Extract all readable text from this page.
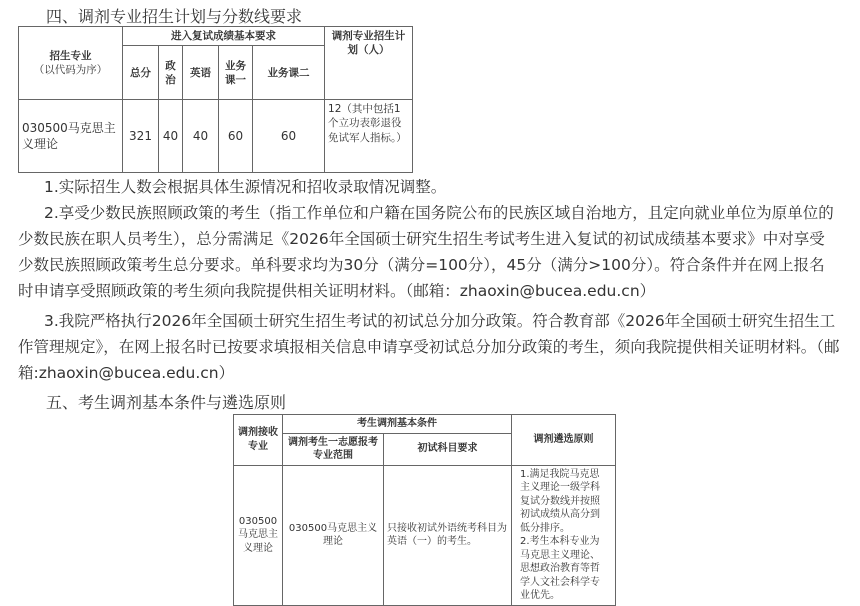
四、调剂专业招生计划与分数线要求
招生专业
（以代码为序）	进入复试成绩基本要求					调剂专业招生计划（人）
	总分	政治	英语	业务课一	业务课二	
030500马克思主义理论	321	40	40	60	60	12（其中包括1个立功表彰退役免试军人指标。）
1.实际招生人数会根据具体生源情况和招收录取情况调整。
2.享受少数民族照顾政策的考生（指工作单位和户籍在国务院公布的民族区域自治地方，且定向就业单位为原单位的少数民族在职人员考生），总分需满足《2026年全国硕士研究生招生考试考生进入复试的初试成绩基本要求》中对享受少数民族照顾政策考生总分要求。单科要求均为30分（满分=100分），45分（满分>100分）。符合条件并在网上报名时申请享受照顾政策的考生须向我院提供相关证明材料。（邮箱：zhaoxin@bucea.edu.cn）
3.我院严格执行2026年全国硕士研究生招生考试的初试总分加分政策。符合教育部《2026年全国硕士研究生招生工作管理规定》，在网上报名时已按要求填报相关信息申请享受初试总分加分政策的考生，须向我院提供相关证明材料。（邮箱:zhaoxin@bucea.edu.cn）
五、考生调剂基本条件与遴选原则
调剂接收专业	考生调剂基本条件		调剂遴选原则
	调剂考生一志愿报考专业范围	初试科目要求	
030500马克思主义理论	030500马克思主义理论	只接收初试外语统考科目为英语（一）的考生。	1.满足我院马克思主义理论一级学科复试分数线并按照初试成绩从高分到低分排序。
2.考生本科专业为马克思主义理论、思想政治教育等哲学人文社会科学专业优先。
